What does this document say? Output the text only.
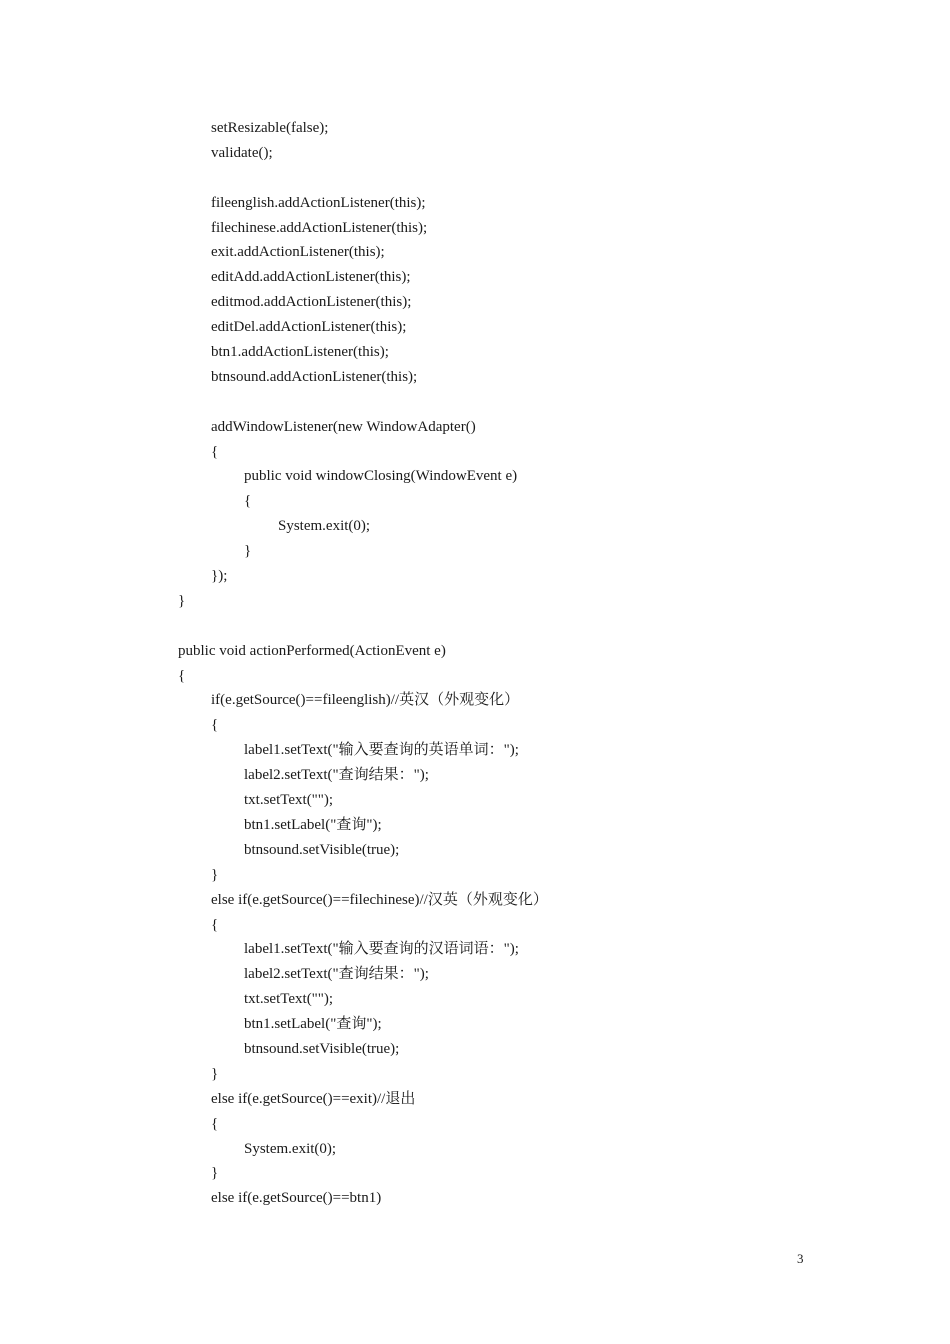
setResizable(false);
validate();
fileenglish.addActionListener(this);
filechinese.addActionListener(this);
exit.addActionListener(this);
editAdd.addActionListener(this);
editmod.addActionListener(this);
editDel.addActionListener(this);
btn1.addActionListener(this);
btnsound.addActionListener(this);
addWindowListener(new WindowAdapter()
{
public void windowClosing(WindowEvent e)
{
System.exit(0);
}
});
}
public void actionPerformed(ActionEvent e)
{
if(e.getSource()==fileenglish)//英汉（外观变化）
{
label1.setText("输入要查询的英语单词：");
label2.setText("查询结果：");
txt.setText("");
btn1.setLabel("查询");
btnsound.setVisible(true);
}
else if(e.getSource()==filechinese)//汉英（外观变化）
{
label1.setText("输入要查询的汉语词语：");
label2.setText("查询结果：");
txt.setText("");
btn1.setLabel("查询");
btnsound.setVisible(true);
}
else if(e.getSource()==exit)//退出
{
System.exit(0);
}
else if(e.getSource()==btn1)
3
